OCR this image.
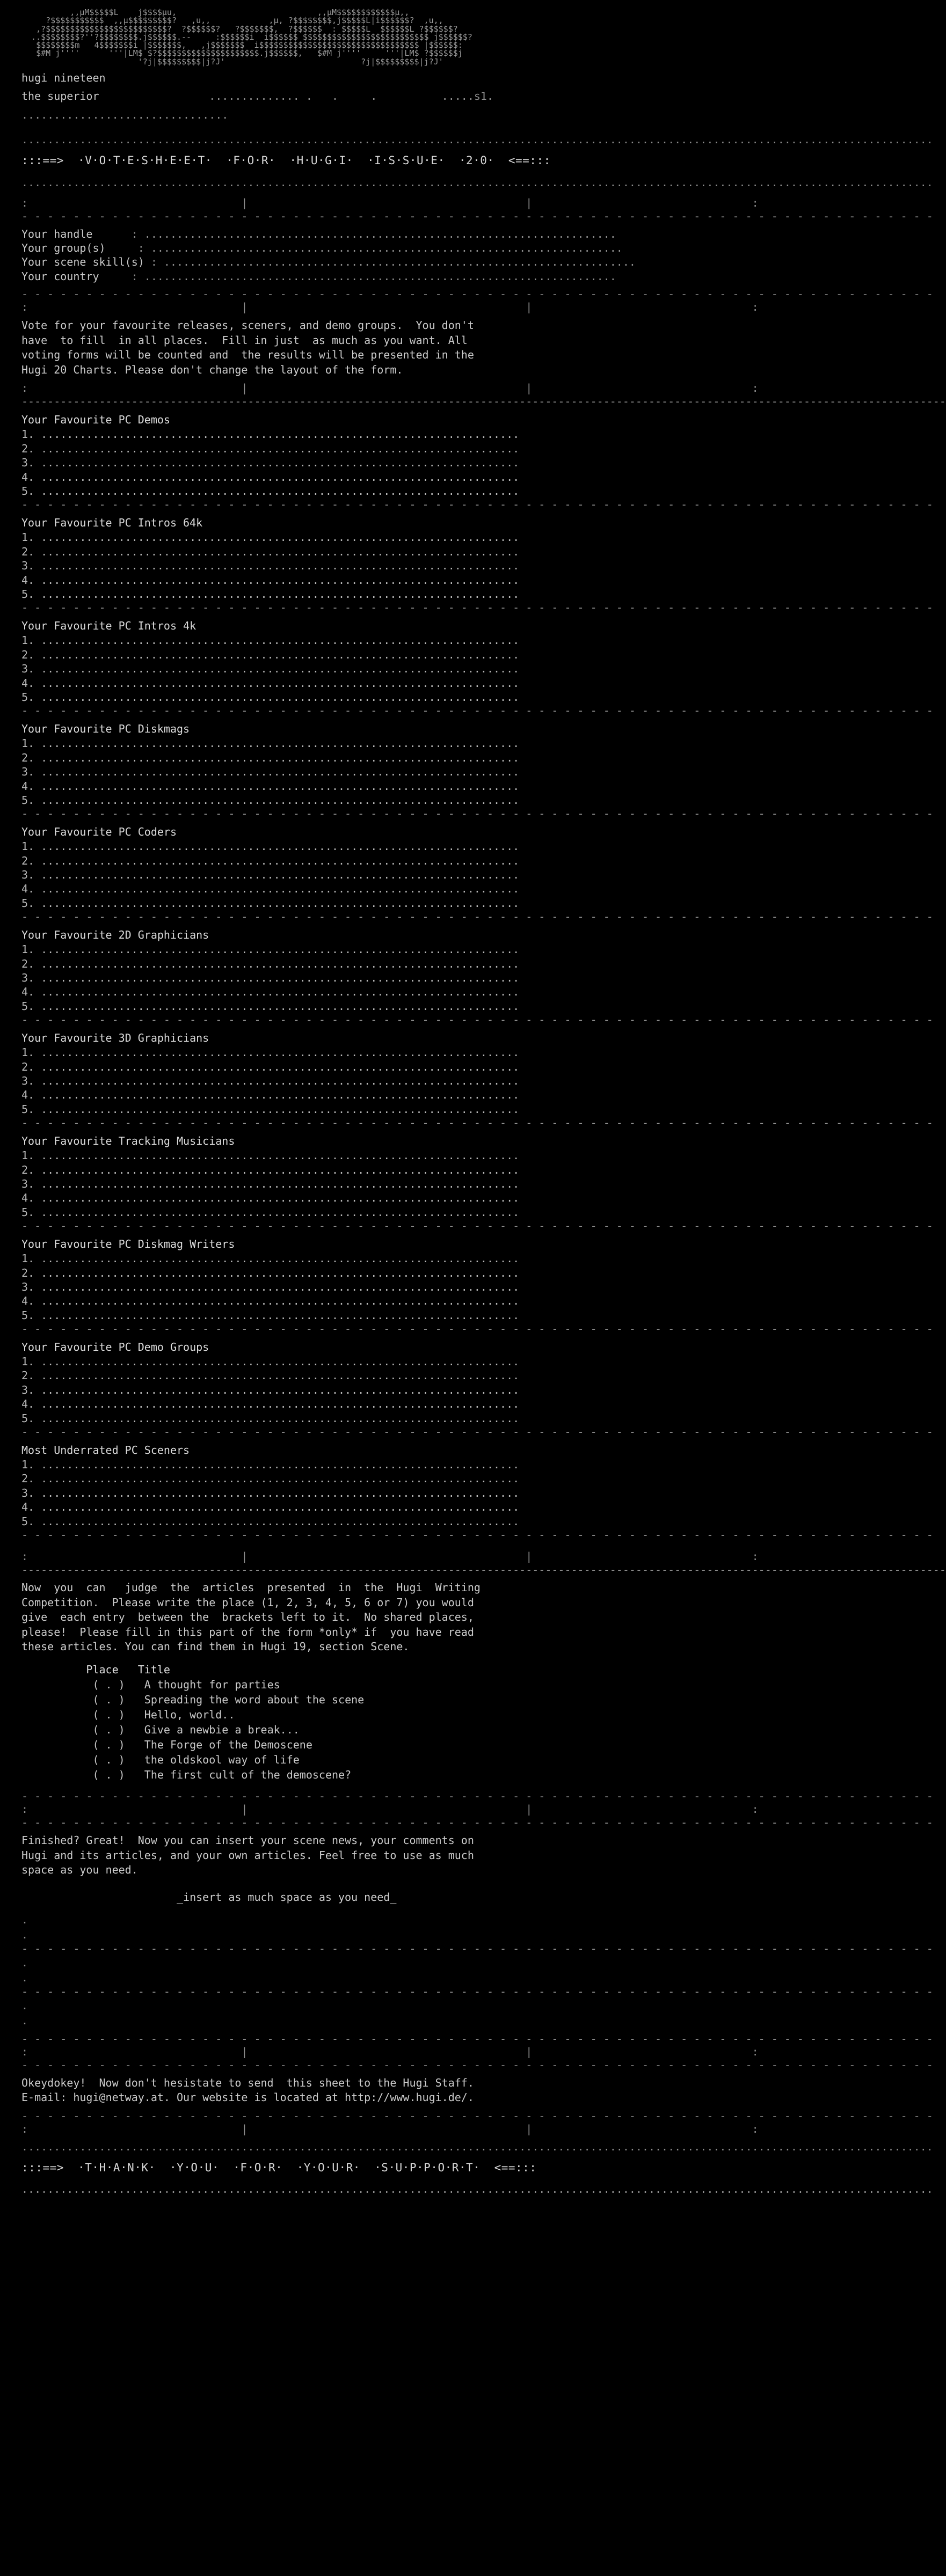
,,µM$$$$$L    j$$$$µu,                             ,,µM$$$$$$$$$$$$µ,,
?$$$$$$$$$$$  ,,µ$$$$$$$$$?   ,u,,            ,µ, ?$$$$$$$$,j$$$$$L|i$$$$$$?  ,u,,
,?$$$$$$$$$$$$$$$$$$$$$$$$$?  ?$$$$$$?   ?$$$$$$$,  ?$$$$$$  : $$$$$L  $$$$$$L ?$$$$$$?
..$$$$$$$$?''?$$$$$$$$.j$$$$$$.--     :$$$$$$i  i$$$$$$ $$$$$$$$$$$$$$$$$$$$$$$$$$ j$$$$$$?
$$$$$$$$m   4$$$$$$$i |$$$$$$$,   ,j$$$$$$$  i$$$$$$$$$$$$$$$$$$$$$$$$$$$$$$$$$ |$$$$$$:
$#M j''''      '''|LM$ $?$$$$$$$$$$$$$$$$$$$$$.j$$$$$$,   $#M j''''     '''|LM$ ?$$$$$$j
'?j|$$$$$$$$$|j?J'                            ?j|$$$$$$$$$|j?J'
hugi nineteen
the superior	.............. .   .     .          .....s1.
................................
.............................................................................................................................................
:::==>  ·V·O·T·E·S·H·E·E·T·  ·F·O·R·  ·H·U·G·I·  ·I·S·S·U·E·  ·2·0·  <==:::
.............................................................................................................................................
:                                 |                                           |                                  :
- - - - - - - - - - - - - - - - - - - - - - - - - - - - - - - - - - - - - - - - - - - - - - - - - - - - - - - - - - - - - - - - - - - - - - -
Your handle	: .........................................................................
Your group(s)	: .........................................................................
Your scene skill(s) : .........................................................................
Your country	: .........................................................................
- - - - - - - - - - - - - - - - - - - - - - - - - - - - - - - - - - - - - - - - - - - - - - - - - - - - - - - - - - - - - - - - - - - - - - -
:                                 |                                           |                                  :
Vote for your favourite releases, sceners, and demo groups.  You don't
have  to fill  in all places.  Fill in just  as much as you want. All
voting forms will be counted and  the results will be presented in the
Hugi 20 Charts. Please don't change the layout of the form.
:                                 |                                           |                                  :
-----------------------------------------------------------------------------------------------------------------------------------------------
Your Favourite PC Demos
1. ..........................................................................
2. ..........................................................................
3. ..........................................................................
4. ..........................................................................
5. ..........................................................................
- - - - - - - - - - - - - - - - - - - - - - - - - - - - - - - - - - - - - - - - - - - - - - - - - - - - - - - - - - - - - - - - - - - - - - -
Your Favourite PC Intros 64k
1. ..........................................................................
2. ..........................................................................
3. ..........................................................................
4. ..........................................................................
5. ..........................................................................
- - - - - - - - - - - - - - - - - - - - - - - - - - - - - - - - - - - - - - - - - - - - - - - - - - - - - - - - - - - - - - - - - - - - - - -
Your Favourite PC Intros 4k
1. ..........................................................................
2. ..........................................................................
3. ..........................................................................
4. ..........................................................................
5. ..........................................................................
- - - - - - - - - - - - - - - - - - - - - - - - - - - - - - - - - - - - - - - - - - - - - - - - - - - - - - - - - - - - - - - - - - - - - - -
Your Favourite PC Diskmags
1. ..........................................................................
2. ..........................................................................
3. ..........................................................................
4. ..........................................................................
5. ..........................................................................
- - - - - - - - - - - - - - - - - - - - - - - - - - - - - - - - - - - - - - - - - - - - - - - - - - - - - - - - - - - - - - - - - - - - - - -
Your Favourite PC Coders
1. ..........................................................................
2. ..........................................................................
3. ..........................................................................
4. ..........................................................................
5. ..........................................................................
- - - - - - - - - - - - - - - - - - - - - - - - - - - - - - - - - - - - - - - - - - - - - - - - - - - - - - - - - - - - - - - - - - - - - - -
Your Favourite 2D Graphicians
1. ..........................................................................
2. ..........................................................................
3. ..........................................................................
4. ..........................................................................
5. ..........................................................................
- - - - - - - - - - - - - - - - - - - - - - - - - - - - - - - - - - - - - - - - - - - - - - - - - - - - - - - - - - - - - - - - - - - - - - -
Your Favourite 3D Graphicians
1. ..........................................................................
2. ..........................................................................
3. ..........................................................................
4. ..........................................................................
5. ..........................................................................
- - - - - - - - - - - - - - - - - - - - - - - - - - - - - - - - - - - - - - - - - - - - - - - - - - - - - - - - - - - - - - - - - - - - - - -
Your Favourite Tracking Musicians
1. ..........................................................................
2. ..........................................................................
3. ..........................................................................
4. ..........................................................................
5. ..........................................................................
- - - - - - - - - - - - - - - - - - - - - - - - - - - - - - - - - - - - - - - - - - - - - - - - - - - - - - - - - - - - - - - - - - - - - - -
Your Favourite PC Diskmag Writers
1. ..........................................................................
2. ..........................................................................
3. ..........................................................................
4. ..........................................................................
5. ..........................................................................
- - - - - - - - - - - - - - - - - - - - - - - - - - - - - - - - - - - - - - - - - - - - - - - - - - - - - - - - - - - - - - - - - - - - - - -
Your Favourite PC Demo Groups
1. ..........................................................................
2. ..........................................................................
3. ..........................................................................
4. ..........................................................................
5. ..........................................................................
- - - - - - - - - - - - - - - - - - - - - - - - - - - - - - - - - - - - - - - - - - - - - - - - - - - - - - - - - - - - - - - - - - - - - - -
Most Underrated PC Sceners
1. ..........................................................................
2. ..........................................................................
3. ..........................................................................
4. ..........................................................................
5. ..........................................................................
- - - - - - - - - - - - - - - - - - - - - - - - - - - - - - - - - - - - - - - - - - - - - - - - - - - - - - - - - - - - - - - - - - - - - - -
:                                 |                                           |                                  :
-----------------------------------------------------------------------------------------------------------------------------------------------
Now  you  can   judge  the  articles  presented  in  the  Hugi  Writing
Competition.  Please write the place (1, 2, 3, 4, 5, 6 or 7) you would
give  each entry  between the  brackets left to it.  No shared places,
please!  Please fill in this part of the form *only* if  you have read
these articles. You can find them in Hugi 19, section Scene.
Place Title
( . ) A thought for parties
( . ) Spreading the word about the scene
( . ) Hello, world..
( . ) Give a newbie a break...
( . ) The Forge of the Demoscene
( . ) the oldskool way of life
( . ) The first cult of the demoscene?
- - - - - - - - - - - - - - - - - - - - - - - - - - - - - - - - - - - - - - - - - - - - - - - - - - - - - - - - - - - - - - - - - - - - - - -
:                                 |                                           |                                  :
- - - - - - - - - - - - - - - - - - - - - - - - - - - - - - - - - - - - - - - - - - - - - - - - - - - - - - - - - - - - - - - - - - - - - - -
Finished? Great!  Now you can insert your scene news, your comments on
Hugi and its articles, and your own articles. Feel free to use as much
space as you need.
_insert as much space as you need_
.
.
- - - - - - - - - - - - - - - - - - - - - - - - - - - - - - - - - - - - - - - - - - - - - - - - - - - - - - - - - - - - - - - - - - - - - - -
.
.
- - - - - - - - - - - - - - - - - - - - - - - - - - - - - - - - - - - - - - - - - - - - - - - - - - - - - - - - - - - - - - - - - - - - - - -
.
.
- - - - - - - - - - - - - - - - - - - - - - - - - - - - - - - - - - - - - - - - - - - - - - - - - - - - - - - - - - - - - - - - - - - - - - -
:                                 |                                           |                                  :
- - - - - - - - - - - - - - - - - - - - - - - - - - - - - - - - - - - - - - - - - - - - - - - - - - - - - - - - - - - - - - - - - - - - - - -
Okeydokey!  Now don't hesistate to send  this sheet to the Hugi Staff.
E-mail: hugi@netway.at. Our website is located at http://www.hugi.de/.
- - - - - - - - - - - - - - - - - - - - - - - - - - - - - - - - - - - - - - - - - - - - - - - - - - - - - - - - - - - - - - - - - - - - - - -
:                                 |                                           |                                  :
.............................................................................................................................................
:::==>  ·T·H·A·N·K·  ·Y·O·U·  ·F·O·R·  ·Y·O·U·R·  ·S·U·P·P·O·R·T·  <==:::
.............................................................................................................................................
